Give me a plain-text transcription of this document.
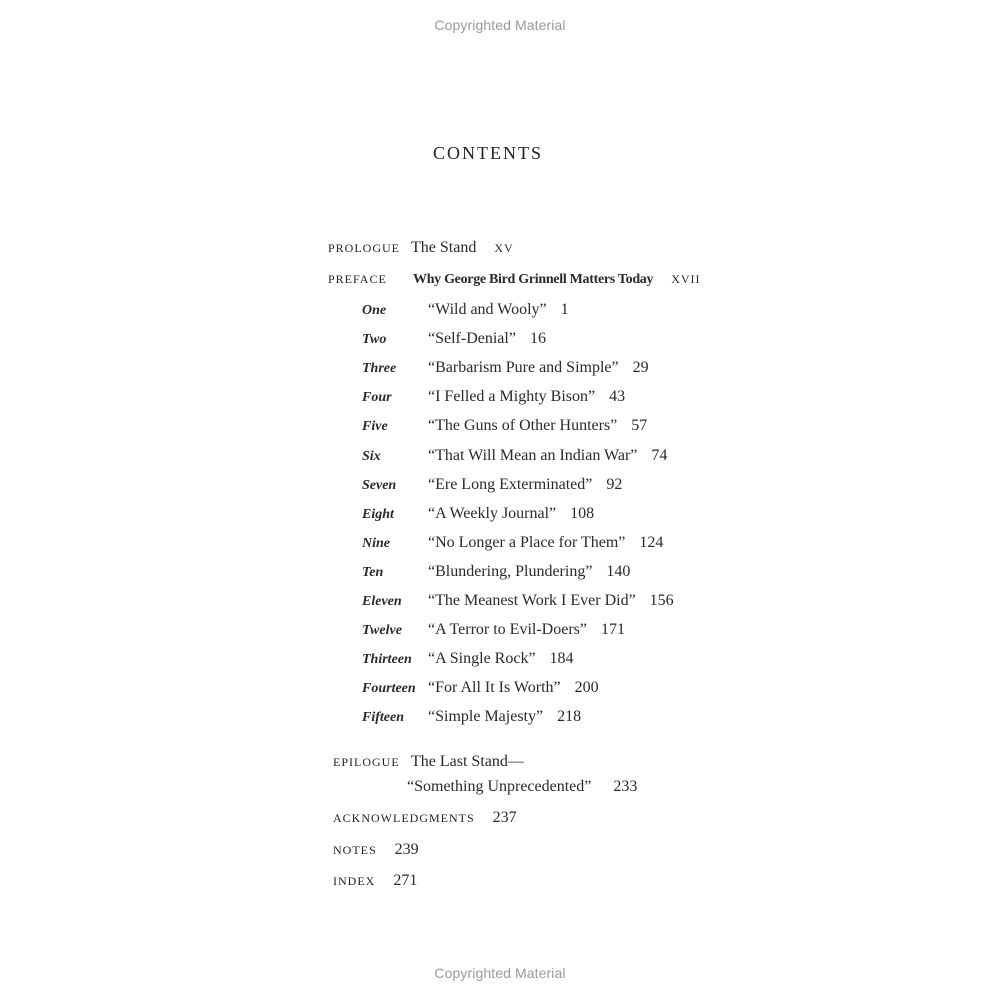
Copyrighted Material
CONTENTS
PROLOGUE The Stand XV
PREFACE Why George Bird Grinnell Matters Today XVII
One	“Wild and Wooly” 1
Two	“Self-Denial” 16
Three “Barbarism Pure and Simple” 29
Four “I Felled a Mighty Bison” 43
Five	“The Guns of Other Hunters” 57
Six	“That Will Mean an Indian War” 74
Seven “Ere Long Exterminated” 92
Eight “A Weekly Journal” 108
Nine “No Longer a Place for Them” 124
Ten	“Blundering, Plundering” 140
Eleven “The Meanest Work I Ever Did” 156
Twelve “A Terror to Evil-Doers” 171
Thirteen “A Single Rock” 184
Fourteen “For All It Is Worth” 200
Fifteen “Simple Majesty” 218
EPILOGUE The Last Stand—
“Something Unprecedented” 233
ACKNOWLEDGMENTS 237
NOTES 239
INDEX 271
Copyrighted Material
